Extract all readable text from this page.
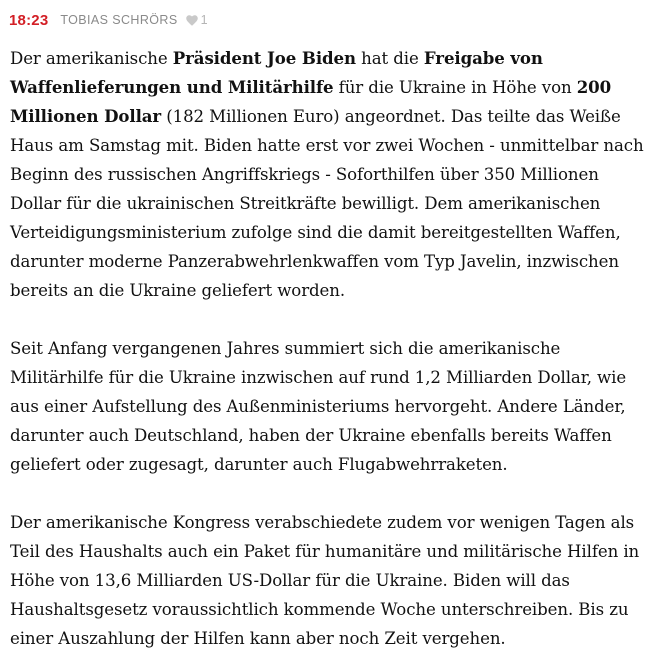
18:23 TOBIAS SCHRÖRS 1

Der amerikanische Präsident Joe Biden hat die Freigabe von Waffenlieferungen und Militärhilfe für die Ukraine in Höhe von 200 Millionen Dollar (182 Millionen Euro) angeordnet. Das teilte das Weiße Haus am Samstag mit. Biden hatte erst vor zwei Wochen - unmittelbar nach Beginn des russischen Angriffskriegs - Soforthilfen über 350 Millionen Dollar für die ukrainischen Streitkräfte bewilligt. Dem amerikanischen Verteidigungsministerium zufolge sind die damit bereitgestellten Waffen, darunter moderne Panzerabwehrlenkwaffen vom Typ Javelin, inzwischen bereits an die Ukraine geliefert worden.

Seit Anfang vergangenen Jahres summiert sich die amerikanische Militärhilfe für die Ukraine inzwischen auf rund 1,2 Milliarden Dollar, wie aus einer Aufstellung des Außenministeriums hervorgeht. Andere Länder, darunter auch Deutschland, haben der Ukraine ebenfalls bereits Waffen geliefert oder zugesagt, darunter auch Flugabwehrraketen.

Der amerikanische Kongress verabschiedete zudem vor wenigen Tagen als Teil des Haushalts auch ein Paket für humanitäre und militärische Hilfen in Höhe von 13,6 Milliarden US-Dollar für die Ukraine. Biden will das Haushaltsgesetz voraussichtlich kommende Woche unterschreiben. Bis zu einer Auszahlung der Hilfen kann aber noch Zeit vergehen.
